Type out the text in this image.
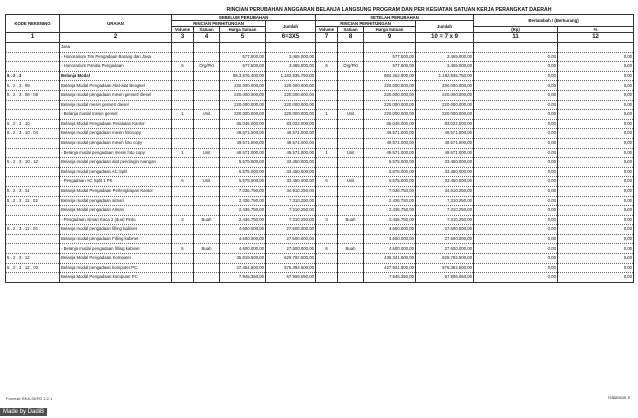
RINCIAN PERUBAHAN ANGGARAN BELANJA LANGSUNG PROGRAM DAN PER KEGIATAN SATUAN KERJA PERANGKAT DAERAH
KODE REKENING	URAIAN	SEBELUM PERUBAHAN				SETELAH PERUBAHAN				Bertambah / (Berkurang)	
		RINCIAN PERHITUNGAN			Jumlah	RINCIAN PERHITUNGAN			Jumlah		
		Volume	Satuan	Harga Satuan		Volume	Satuan	Harga Satuan		(Rp)	%
1	2	3	4	5	6=3X5	7	8	9	10 = 7 x 9	11	12
	Jasa										
	- Honorarium Tim Pengadaan Barang dan Jasa			577.500,00	3.465.000,00			577.500,00	3.465.000,00	0,00	0,00
	- Honorarium Panitia Pengadaan	6	Org/Pkt	577.500,00	3.465.000,00	6	Org/Pkt	577.500,00	3.465.000,00	0,00	0,00
5 . 2 . 3	Belanja Modal			88.3.676.400,00	1.182.935.750,00			884.262.900,00	1.182.935.750,00	0,00	0,00
5 . 2 . 3 . 08	Belanja Modal Pengadaan Alat-alat Bengkel			220.000.000,00	220.000.000,00			220.000.000,00	220.000.000,00	0,00	0,00
5 . 2 . 3 . 08 . 05	Belanja modal pengadaan mesin genset/ diesel			220.000.000,00	220.000.000,00			220.000.000,00	220.000.000,00	0,00	0,00
	Belanja modal mesin genset/ diesel			220.000.000,00	220.000.000,00			220.000.000,00	220.000.000,00	0,00	0,00
	- Belanja modal mesin genset	1	Unit	220.000.000,00	220.000.000,00	1	Unit	220.000.000,00	220.000.000,00	0,00	0,00
5 . 2 . 3 . 10	Belanja Modal Pengadaan Peralatan Kantor			55.046.000,00	83.022.000,00			55.046.000,00	83.022.000,00	0,00	0,00
5 . 2 . 3 . 10 . 04	Belanja modal pengadaan mesin fotocopy			49.571.000,00	49.571.000,00			49.571.000,00	49.571.000,00	0,00	0,00
	Belanja modal pengadaan mesin foto copy			49.571.000,00	49.571.000,00			49.571.000,00	49.571.000,00	0,00	0,00
	- Belanja modal pengadaan mesin foto copy	1	Unit	49.571.000,00	49.571.000,00	1	Unit	49.571.000,00	49.571.000,00	0,00	0,00
5 . 2 . 3 . 10 . 12	Belanja modal pengadaan alat pendingin ruangan			5.575.000,00	33.450.000,00			5.575.000,00	33.450.000,00	0,00	0,00
	Belanja modal pengadaan AC Split			5.575.000,00	33.450.000,00			5.575.000,00	33.450.000,00	0,00	0,00
	- Pengadaan AC Split 1 PK	6	Unit	5.575.000,00	33.450.000,00	6	Unit	5.575.000,00	33.450.000,00	0,00	0,00
5 . 2 . 3 . 11	Belanja Modal Pengadaan Perlengkapan Kantor			7.036.750,00	34.910.250,00			7.036.750,00	34.910.250,00	0,00	0,00
5 . 2 . 3 . 11 . 02	Belanja modal pengadaan almari			2.436.750,00	7.310.250,00			2.436.750,00	7.310.250,00	0,00	0,00
	Belanja Modal pengadaan Almari			2.436.750,00	7.310.250,00			2.436.750,00	7.310.250,00	0,00	0,00
	- Pengadaan Almari Kaca 2 (dua) Pintu	3	Buah	2.436.750,00	7.310.250,00	3	Buah	2.436.750,00	7.310.250,00	0,00	0,00
5 . 2 . 3 . 11 . 04	Belanja modal pengadaan filling kabinet			4.600.000,00	27.600.000,00			4.600.000,00	27.600.000,00	0,00	0,00
	Belanja modal pengadaan Filling kabinet			4.600.000,00	27.600.000,00			4.600.000,00	27.600.000,00	0,00	0,00
	- Belanja modal pengadaan filling kabinet	6	Buah	4.600.000,00	27.600.000,00	6	Buah	4.600.000,00	27.600.000,00	0,00	0,00
5 . 2 . 3 . 12	Belanja Modal Pengadaan Komputer			35.919.500,00	629.792.500,00			436.341.500,00	629.792.500,00	0,00	0,00
5 . 2 . 3 . 12 . 02	Belanja modal pengadaan komputer PC			27.454.500,00	576.392.500,00			427.941.500,00	576.392.500,00	0,00	0,00
	Belanja Modal Pengadaan komputer PC			7.945.350,00	67.906.050,00			7.945.350,00	67.906.050,00	0,00	0,00
Formulir RKA-SKPD 2.2.1	Halaman 2
Made by DadiB
